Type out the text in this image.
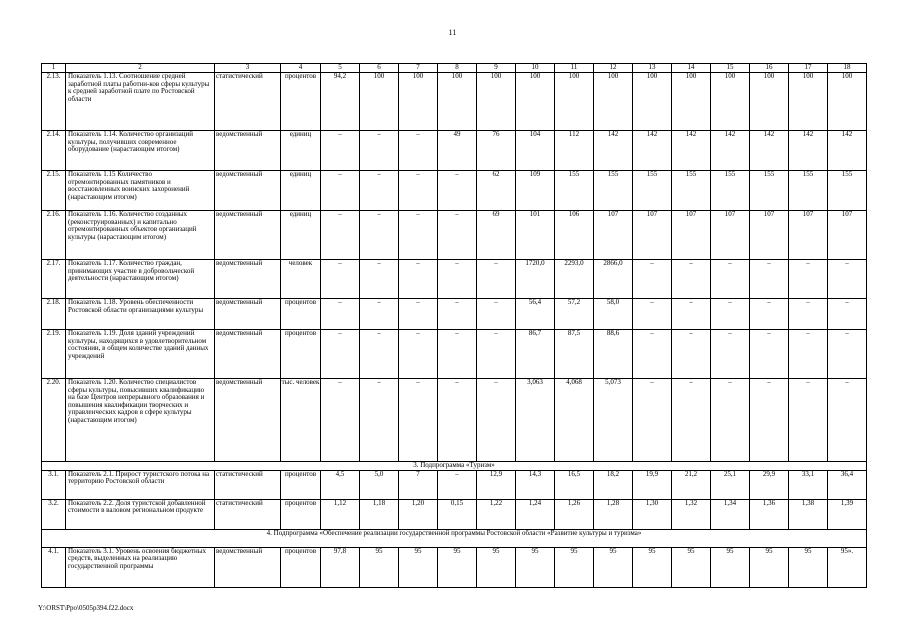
11
1	2	3	4	5	6	7	8	9	10	11	12	13	14	15	16	17	18
2.13.	Показатель 1.13. Соотношение средней заработной платы работни-ков сферы культуры к средней заработной плате по Ростовской области	статистический	процентов	94,2	100	100	100	100	100	100	100	100	100	100	100	100	100
2.14.	Показатель 1.14. Количество организаций культуры, получивших современное оборудование (нарастающим итогом)	ведомственный	единиц	–	–	–	49	76	104	112	142	142	142	142	142	142	142
2.15.	Показатель 1.15 Количество отремонтированных памятников и восстановленных воинских захоронений (нарастающим итогом)	ведомственный	единиц	–	–	–	–	62	109	155	155	155	155	155	155	155	155
2.16.	Показатель 1.16. Количество созданных (реконструированных) и капитально отремонтированных объектов организаций культуры (нарастающим итогом)	ведомственный	единиц	–	–	–	–	69	101	106	107	107	107	107	107	107	107
2.17.	Показатель 1.17. Количество граждан, принимающих участие в добровольческой деятельности (нарастающим итогом)	ведомственный	человек	–	–	–	–	–	1720,0	2293,0	2866,0	–	–	–	–	–	–
2.18.	Показатель 1.18. Уровень обеспеченности Ростовской области организациями культуры	ведомственный	процентов	–	–	–	–	–	56,4	57,2	58,0	–	–	–	–	–	–
2.19.	Показатель 1.19. Доля зданий учреждений культуры, находящихся в удовлетворительном состоянии, в общем количестве зданий данных учреждений	ведомственный	процентов	–	–	–	–	–	86,7	87,5	88,6	–	–	–	–	–	–
2.20.	Показатель 1.20. Количество специалистов сферы культуры, повысивших квалификацию на базе Центров непрерывного образования и повышения квалификации творческих и управленческих кадров в сфере культуры (нарастающим итогом)	ведомственный	тыс. человек	–	–	–	–	–	3,063	4,068	5,073	–	–	–	–	–	–
3. Подпрограмма «Туризм»																	
3.1.	Показатель 2.1. Прирост туристского потока на территорию Ростовской области	статистический	процентов	4,5	5,0	7	–	12,9	14,3	16,5	18,2	19,9	21,2	25,1	29,9	33,1	36,4
3.2.	Показатель 2.2. Доля туристской добавленной стоимости в валовом региональном продукте	статистический	процентов	1,12	1,18	1,20	0,15	1,22	1,24	1,26	1,28	1,30	1,32	1,34	1,36	1,38	1,39
4. Подпрограмма «Обеспечение реализации государственной программы Ростовской области «Развитие культуры и туризма»																	
4.1.	Показатель 3.1. Уровень освоения бюджетных средств, выделенных на реализацию государственной программы	ведомственный	процентов	97,8	95	95	95	95	95	95	95	95	95	95	95	95	95».
Y:\ORST\Ppo\0505p394.f22.docx
